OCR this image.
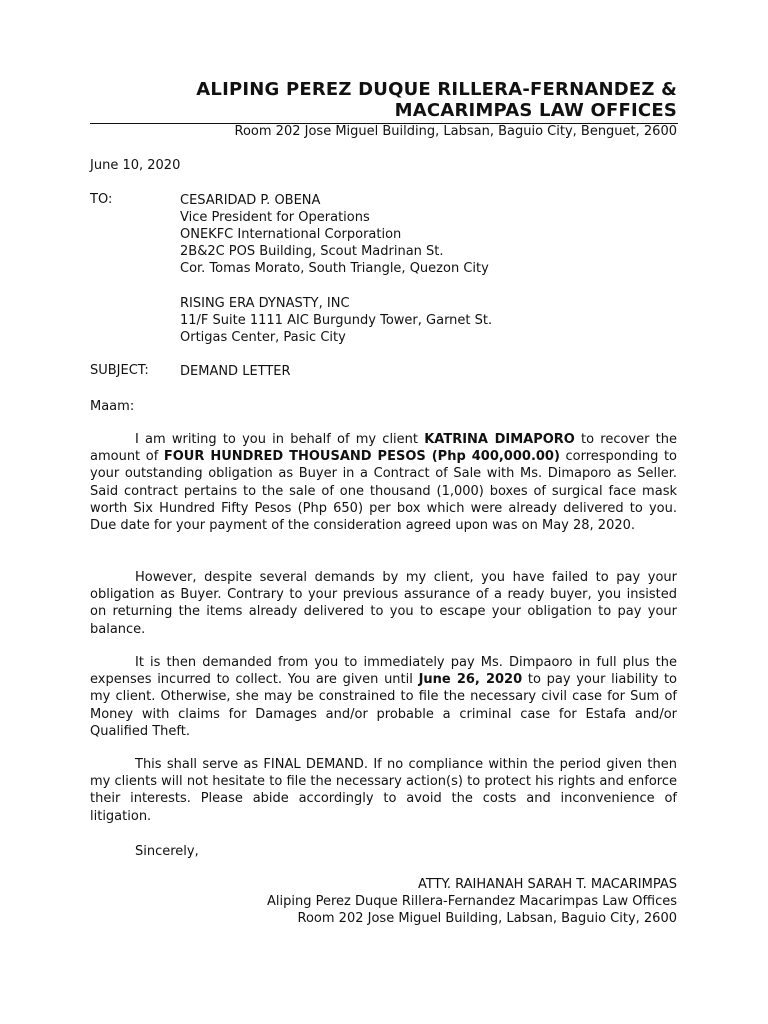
ALIPING PEREZ DUQUE RILLERA-FERNANDEZ &
MACARIMPAS LAW OFFICES
Room 202 Jose Miguel Building, Labsan, Baguio City, Benguet, 2600
June 10, 2020
TO:	CESARIDAD P. OBENA
Vice President for Operations
ONEKFC International Corporation
2B&2C POS Building, Scout Madrinan St.
Cor. Tomas Morato, South Triangle, Quezon City
RISING ERA DYNASTY, INC
11/F Suite 1111 AIC Burgundy Tower, Garnet St.
Ortigas Center, Pasic City
SUBJECT: DEMAND LETTER
Maam:

I am writing to you in behalf of my client KATRINA DIMAPORO to recover the amount of FOUR HUNDRED THOUSAND PESOS (Php 400,000.00) corresponding to your outstanding obligation as Buyer in a Contract of Sale with Ms. Dimaporo as Seller. Said contract pertains to the sale of one thousand (1,000) boxes of surgical face mask worth Six Hundred Fifty Pesos (Php 650) per box which were already delivered to you. Due date for your payment of the consideration agreed upon was on May 28, 2020.

However, despite several demands by my client, you have failed to pay your obligation as Buyer. Contrary to your previous assurance of a ready buyer, you insisted on returning the items already delivered to you to escape your obligation to pay your balance.

It is then demanded from you to immediately pay Ms. Dimpaoro in full plus the expenses incurred to collect. You are given until June 26, 2020 to pay your liability to my client. Otherwise, she may be constrained to file the necessary civil case for Sum of Money with claims for Damages and/or probable a criminal case for Estafa and/or Qualified Theft.

This shall serve as FINAL DEMAND. If no compliance within the period given then my clients will not hesitate to file the necessary action(s) to protect his rights and enforce their interests. Please abide accordingly to avoid the costs and inconvenience of litigation.

Sincerely,
ATTY. RAIHANAH SARAH T. MACARIMPAS
Aliping Perez Duque Rillera-Fernandez Macarimpas Law Offices
Room 202 Jose Miguel Building, Labsan, Baguio City, 2600
